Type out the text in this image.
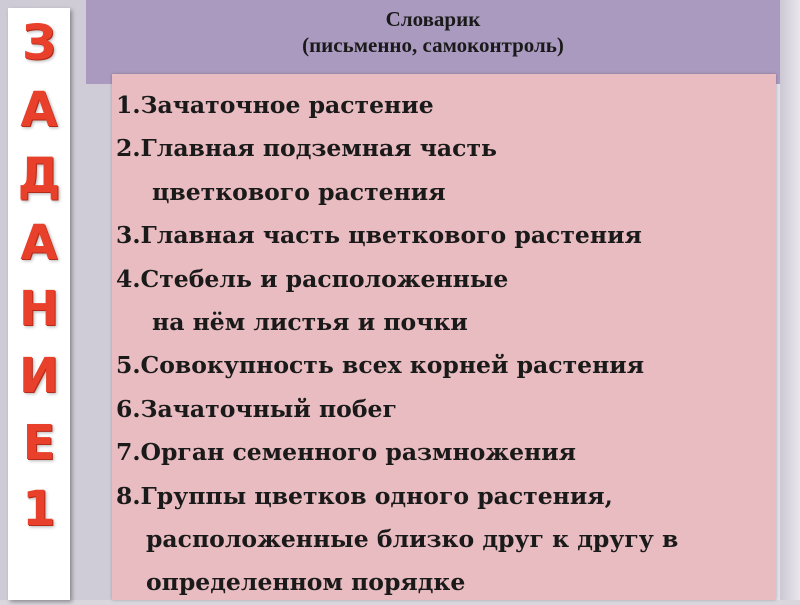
З
А
Д
А
Н
И
Е
1
Словарик
(письменно, самоконтроль)
1.Зачаточное растение
2.Главная подземная часть
цветкового растения
3.Главная часть цветкового растения
4.Стебель и расположенные
на нём листья и почки
5.Совокупность всех корней растения
6.Зачаточный побег
7.Орган семенного размножения
8.Группы цветков одного растения,
расположенные близко друг к другу в
определенном порядке
